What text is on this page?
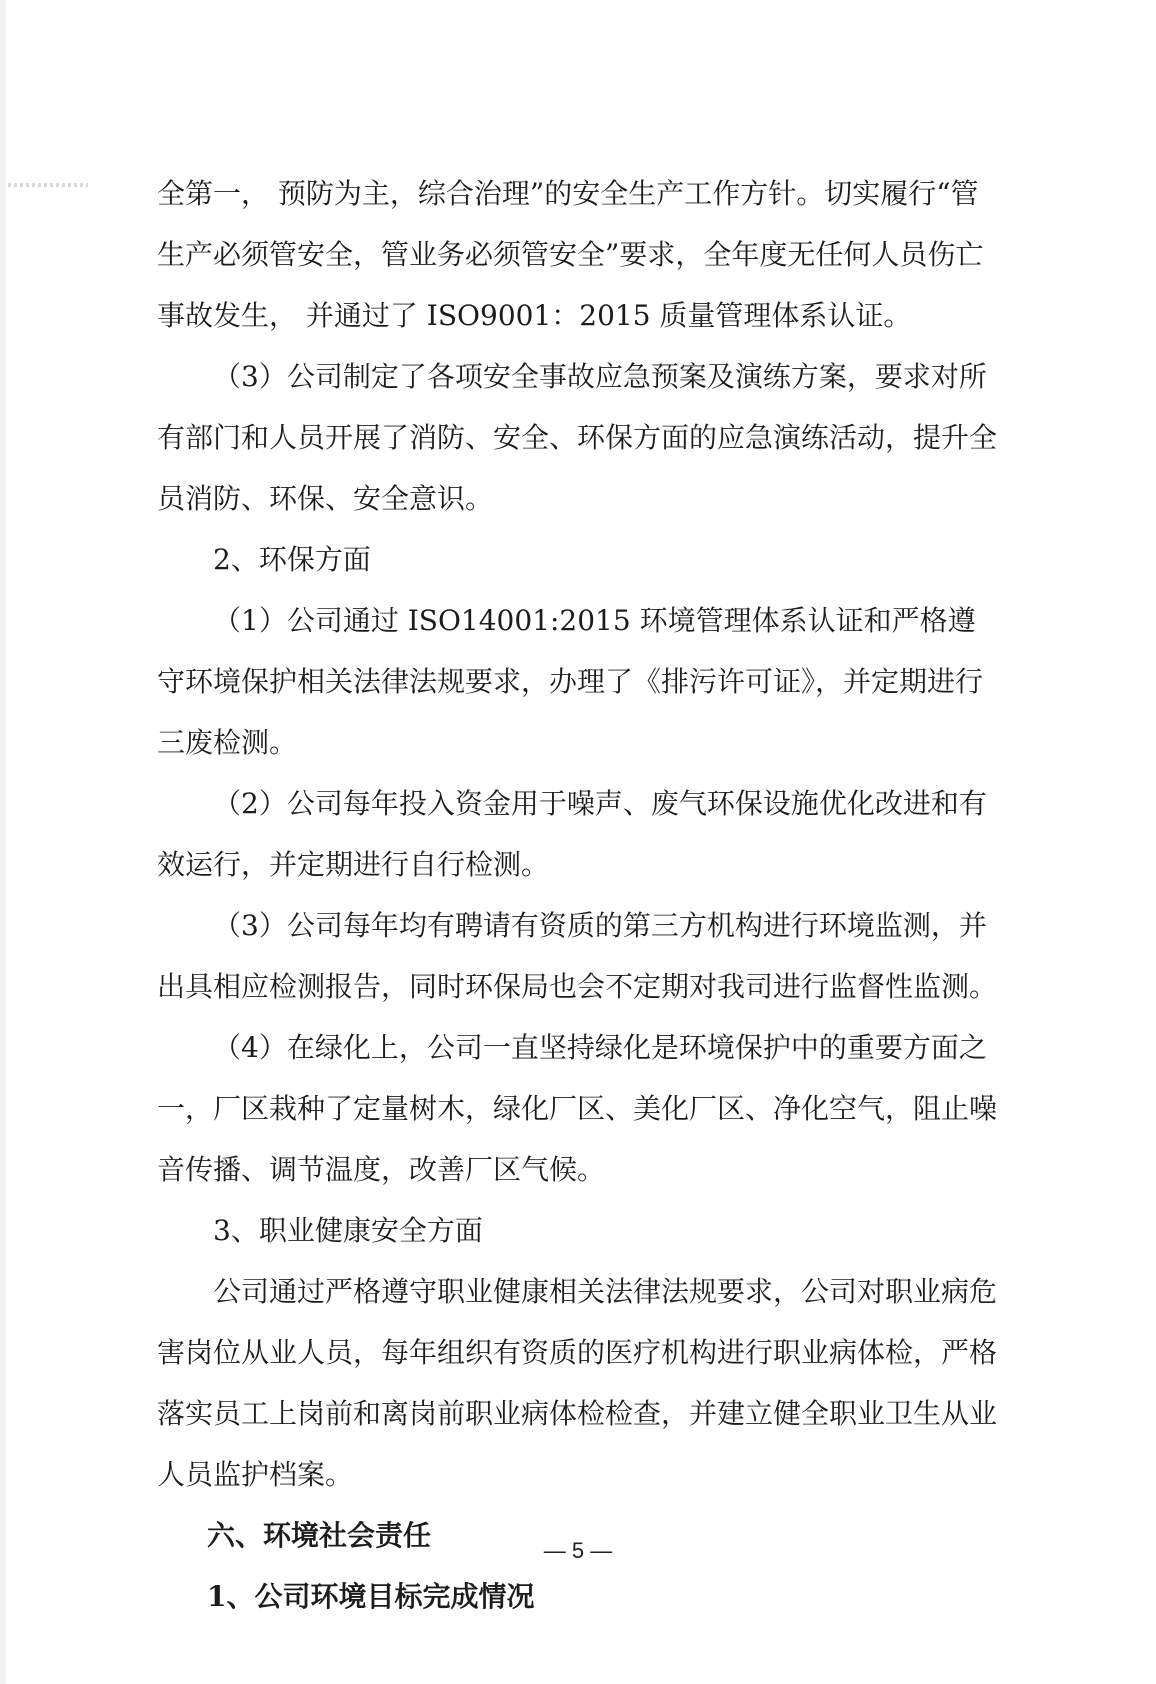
全第一， 预防为主，综合治理”的安全生产工作方针。切实履行“管生产必须管安全，管业务必须管安全”要求，全年度无任何人员伤亡事故发生， 并通过了 ISO9001：2015 质量管理体系认证。

（3）公司制定了各项安全事故应急预案及演练方案，要求对所有部门和人员开展了消防、安全、环保方面的应急演练活动，提升全员消防、环保、安全意识。

2、环保方面

（1）公司通过 ISO14001:2015 环境管理体系认证和严格遵守环境保护相关法律法规要求，办理了《排污许可证》，并定期进行三废检测。

（2）公司每年投入资金用于噪声、废气环保设施优化改进和有效运行，并定期进行自行检测。

（3）公司每年均有聘请有资质的第三方机构进行环境监测，并出具相应检测报告，同时环保局也会不定期对我司进行监督性监测。

（4）在绿化上，公司一直坚持绿化是环境保护中的重要方面之一，厂区栽种了定量树木，绿化厂区、美化厂区、净化空气，阻止噪音传播、调节温度，改善厂区气候。

3、职业健康安全方面

公司通过严格遵守职业健康相关法律法规要求，公司对职业病危害岗位从业人员，每年组织有资质的医疗机构进行职业病体检，严格落实员工上岗前和离岗前职业病体检检查，并建立健全职业卫生从业人员监护档案。

六、环境社会责任

1、公司环境目标完成情况

— 5 —
